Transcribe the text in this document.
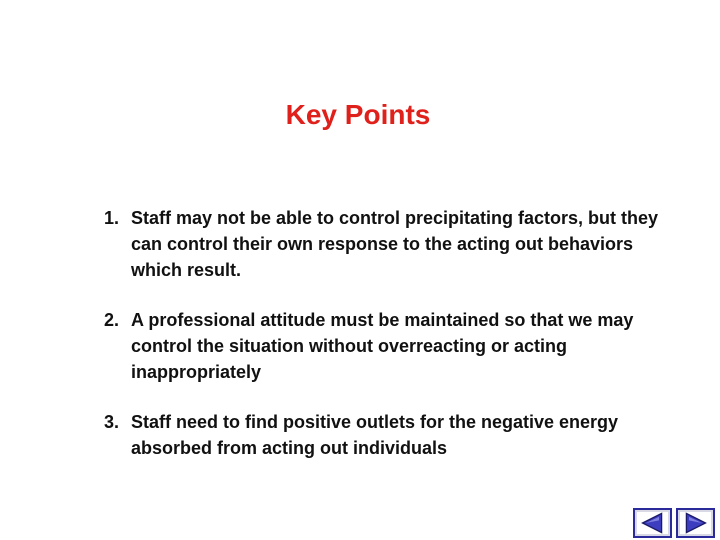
Key Points
1. Staff may not be able to control precipitating factors, but they can control their own response to the acting out behaviors which result.
2. A professional attitude must be maintained so that we may control the situation without overreacting or acting inappropriately
3. Staff need to find positive outlets for the negative energy absorbed from acting out individuals
